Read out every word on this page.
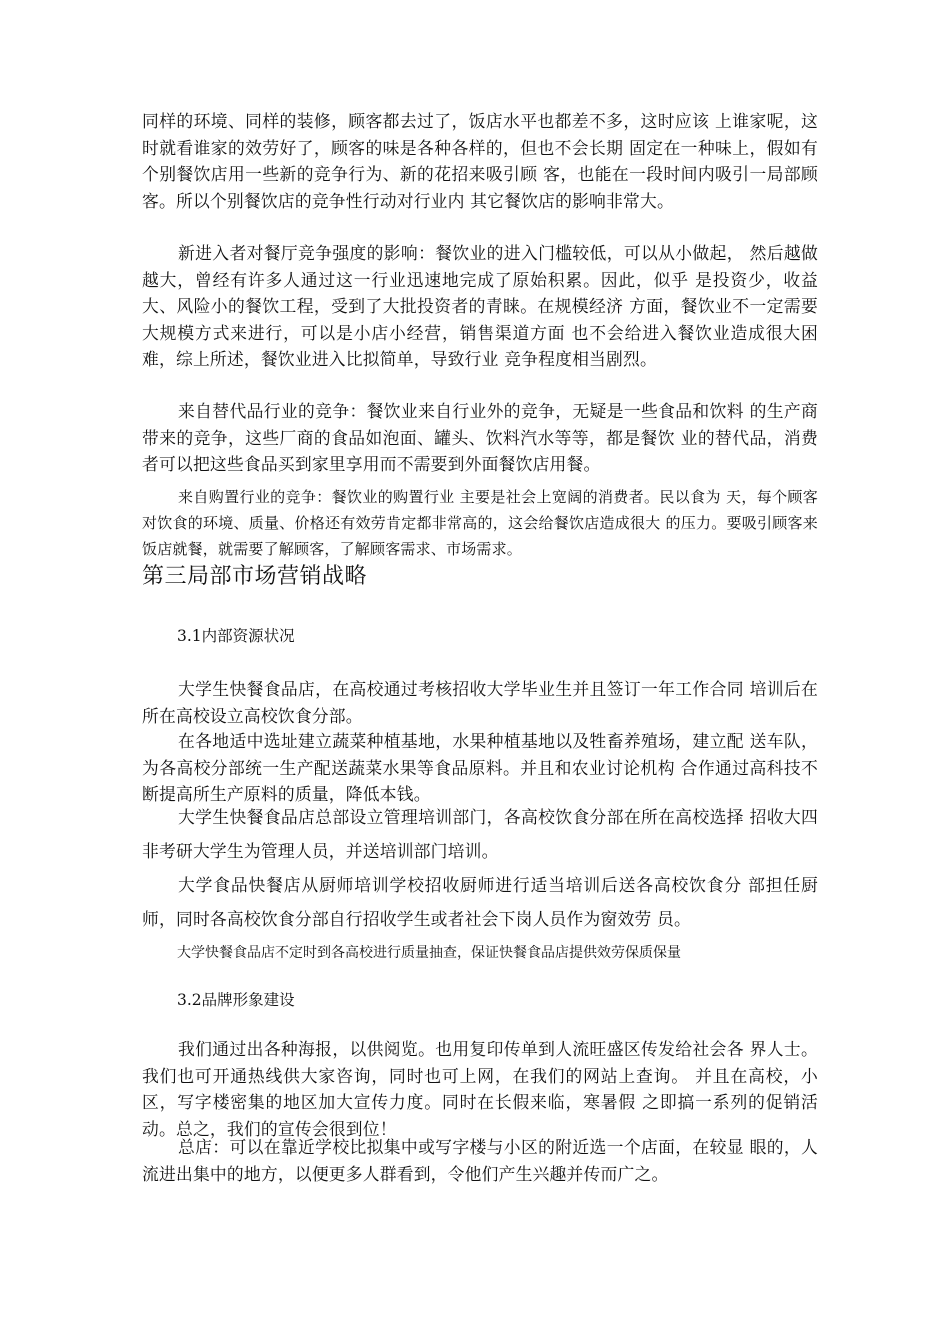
同样的环境、同样的装修，顾客都去过了，饭店水平也都差不多，这时应该 上谁家呢，这时就看谁家的效劳好了，顾客的味是各种各样的，但也不会长期 固定在一种味上，假如有个别餐饮店用一些新的竞争行为、新的花招来吸引顾 客，也能在一段时间内吸引一局部顾客。所以个别餐饮店的竞争性行动对行业内 其它餐饮店的影响非常大。

新进入者对餐厅竞争强度的影响：餐饮业的进入门槛较低，可以从小做起， 然后越做越大，曾经有许多人通过这一行业迅速地完成了原始积累。因此，似乎 是投资少，收益大、风险小的餐饮工程，受到了大批投资者的青睐。在规模经济 方面，餐饮业不一定需要大规模方式来进行，可以是小店小经营，销售渠道方面 也不会给进入餐饮业造成很大困难，综上所述，餐饮业进入比拟简单，导致行业 竞争程度相当剧烈。

来自替代品行业的竞争：餐饮业来自行业外的竞争，无疑是一些食品和饮料 的生产商带来的竞争，这些厂商的食品如泡面、罐头、饮料汽水等等，都是餐饮 业的替代品，消费者可以把这些食品买到家里享用而不需要到外面餐饮店用餐。

来自购置行业的竞争：餐饮业的购置行业 主要是社会上宽阔的消费者。民以食为 天，每个顾客对饮食的环境、质量、价格还有效劳肯定都非常高的，这会给餐饮店造成很大 的压力。要吸引顾客来饭店就餐，就需要了解顾客，了解顾客需求、市场需求。

第三局部市场营销战略

3.1内部资源状况

大学生快餐食品店，在高校通过考核招收大学毕业生并且签订一年工作合同 培训后在所在高校设立高校饮食分部。

在各地适中选址建立蔬菜种植基地，水果种植基地以及牲畜养殖场，建立配 送车队，为各高校分部统一生产配送蔬菜水果等食品原料。并且和农业讨论机构 合作通过高科技不断提高所生产原料的质量，降低本钱。

大学生快餐食品店总部设立管理培训部门，各高校饮食分部在所在高校选择 招收大四非考研大学生为管理人员，并送培训部门培训。

大学食品快餐店从厨师培训学校招收厨师进行适当培训后送各高校饮食分 部担任厨师，同时各高校饮食分部自行招收学生或者社会下岗人员作为窗效劳 员。

大学快餐食品店不定时到各高校进行质量抽查，保证快餐食品店提供效劳保质保量

3.2品牌形象建设

我们通过出各种海报，以供阅览。也用复印传单到人流旺盛区传发给社会各 界人士。我们也可开通热线供大家咨询，同时也可上网，在我们的网站上查询。 并且在高校，小区，写字楼密集的地区加大宣传力度。同时在长假来临，寒暑假 之即搞一系列的促销活动。总之，我们的宣传会很到位！

总店：可以在靠近学校比拟集中或写字楼与小区的附近选一个店面，在较显 眼的，人流进出集中的地方，以便更多人群看到，令他们产生兴趣并传而广之。
